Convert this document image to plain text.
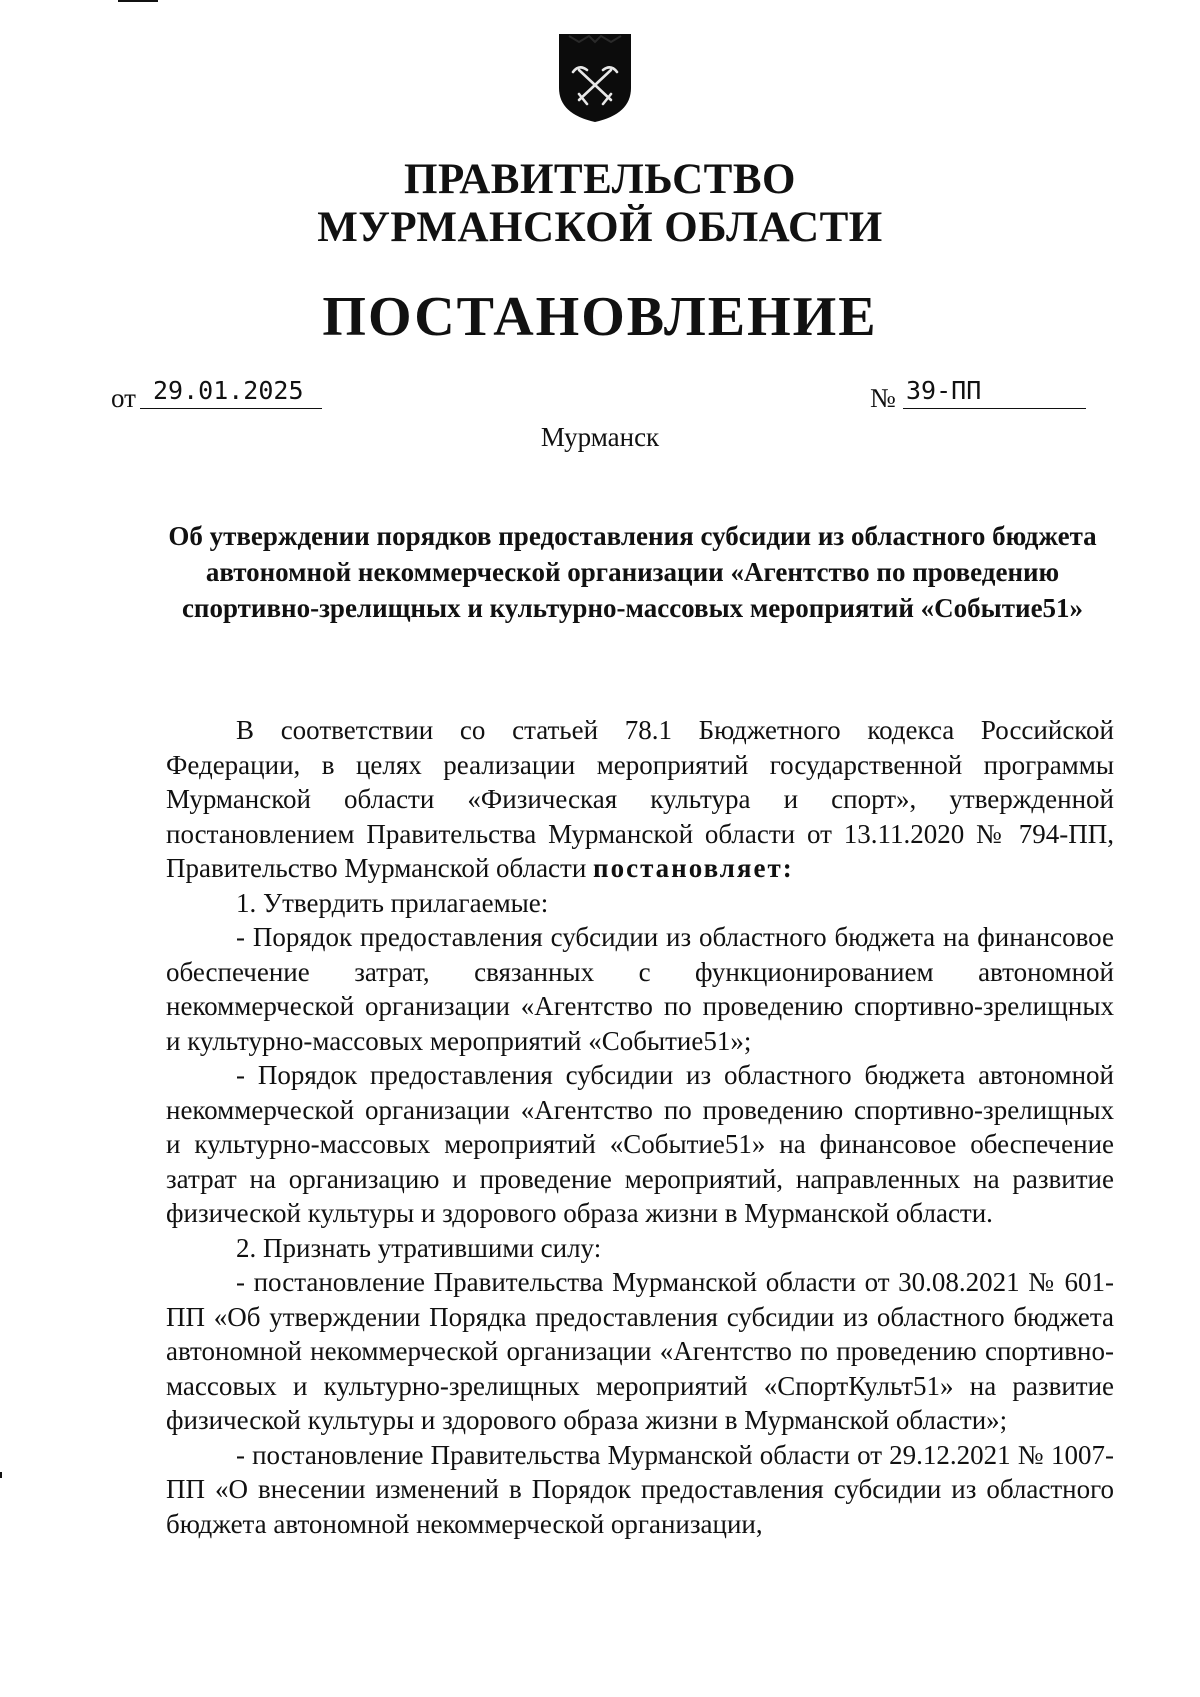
ПРАВИТЕЛЬСТВО
МУРМАНСКОЙ ОБЛАСТИ
ПОСТАНОВЛЕНИЕ
от 29.01.2025	№ 39-ПП
Мурманск
Об утверждении порядков предоставления субсидии из областного бюджета автономной некоммерческой организации «Агентство по проведению спортивно-зрелищных и культурно-массовых мероприятий «Событие51»

В соответствии со статьей 78.1 Бюджетного кодекса Российской Федерации, в целях реализации мероприятий государственной программы Мурманской области «Физическая культура и спорт», утвержденной постановлением Правительства Мурманской области от 13.11.2020 № 794-ПП, Правительство Мурманской области постановляет:

1. Утвердить прилагаемые:

- Порядок предоставления субсидии из областного бюджета на финансовое обеспечение затрат, связанных с функционированием автономной некоммерческой организации «Агентство по проведению спортивно-зрелищных и культурно-массовых мероприятий «Событие51»;

- Порядок предоставления субсидии из областного бюджета автономной некоммерческой организации «Агентство по проведению спортивно-зрелищных и культурно-массовых мероприятий «Событие51» на финансовое обеспечение затрат на организацию и проведение мероприятий, направленных на развитие физической культуры и здорового образа жизни в Мурманской области.

2. Признать утратившими силу:

- постановление Правительства Мурманской области от 30.08.2021 № 601-ПП «Об утверждении Порядка предоставления субсидии из областного бюджета автономной некоммерческой организации «Агентство по проведению спортивно-массовых и культурно-зрелищных мероприятий «СпортКульт51» на развитие физической культуры и здорового образа жизни в Мурманской области»;

- постановление Правительства Мурманской области от 29.12.2021 № 1007-ПП «О внесении изменений в Порядок предоставления субсидии из областного бюджета автономной некоммерческой организации,
